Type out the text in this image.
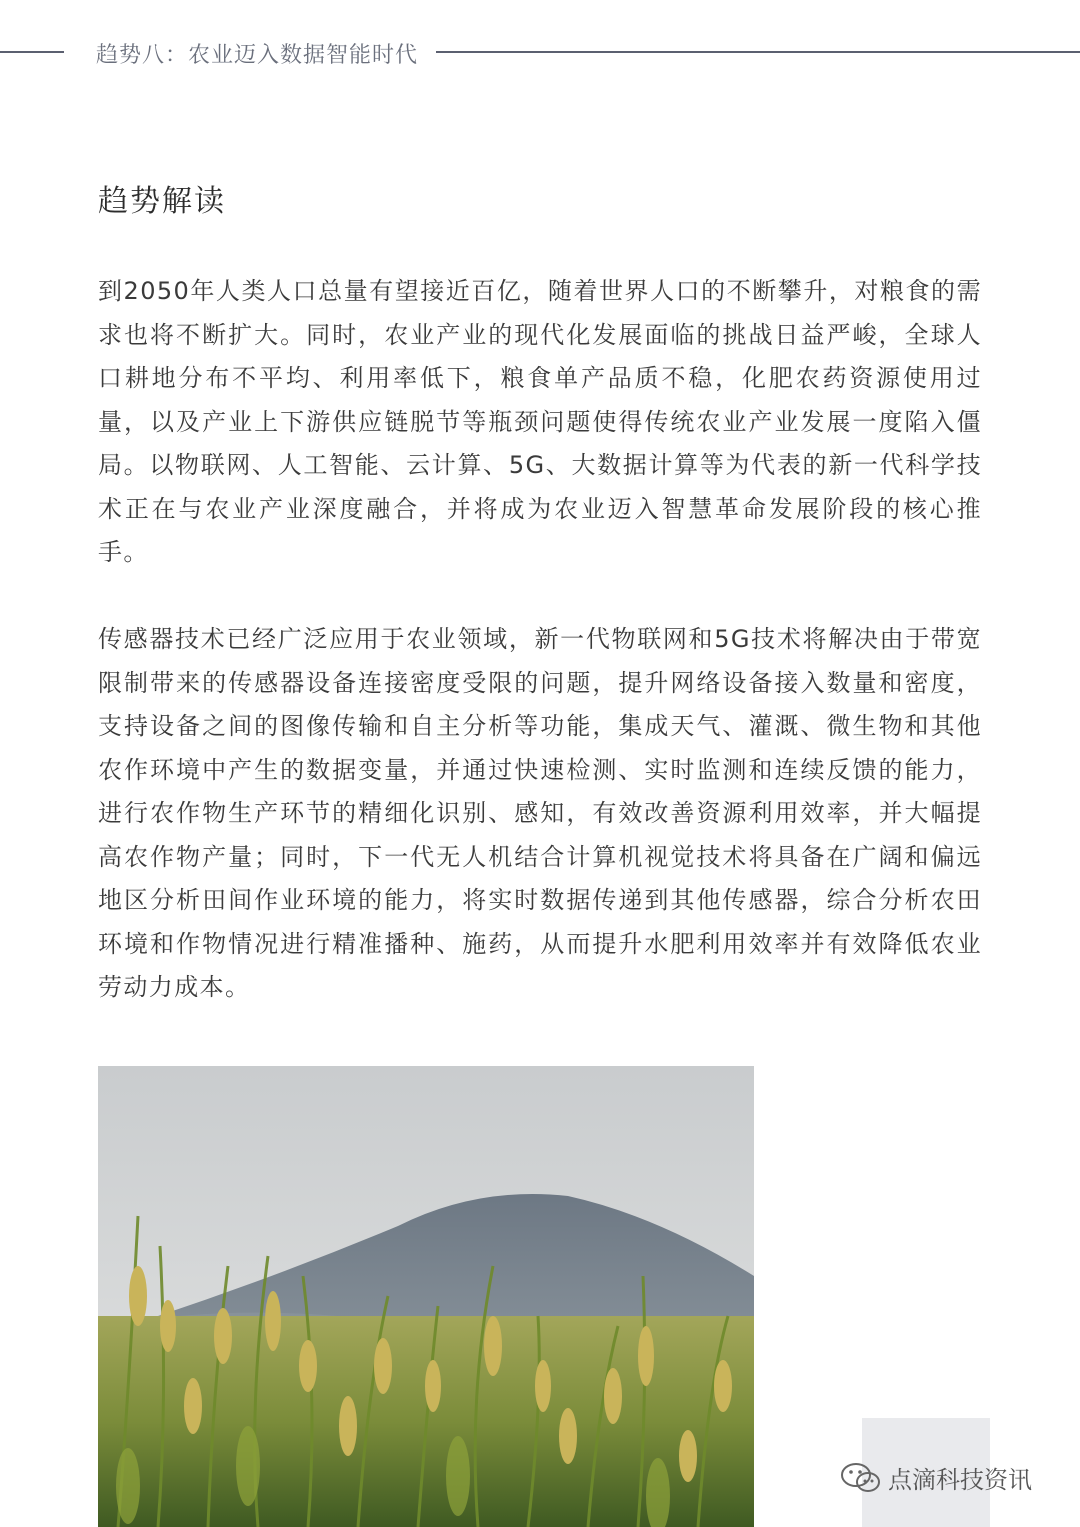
趋势八：农业迈入数据智能时代
趋势解读

到2050年人类人口总量有望接近百亿，随着世界人口的不断攀升，对粮食的需求也将不断扩大。同时，农业产业的现代化发展面临的挑战日益严峻，全球人口耕地分布不平均、利用率低下，粮食单产品质不稳，化肥农药资源使用过量，以及产业上下游供应链脱节等瓶颈问题使得传统农业产业发展一度陷入僵局。以物联网、人工智能、云计算、5G、大数据计算等为代表的新一代科学技术正在与农业产业深度融合，并将成为农业迈入智慧革命发展阶段的核心推手。

传感器技术已经广泛应用于农业领域，新一代物联网和5G技术将解决由于带宽限制带来的传感器设备连接密度受限的问题，提升网络设备接入数量和密度，支持设备之间的图像传输和自主分析等功能，集成天气、灌溉、微生物和其他农作环境中产生的数据变量，并通过快速检测、实时监测和连续反馈的能力，进行农作物生产环节的精细化识别、感知，有效改善资源利用效率，并大幅提高农作物产量；同时，下一代无人机结合计算机视觉技术将具备在广阔和偏远地区分析田间作业环境的能力，将实时数据传递到其他传感器，综合分析农田环境和作物情况进行精准播种、施药，从而提升水肥利用效率并有效降低农业劳动力成本。

点滴科技资讯
